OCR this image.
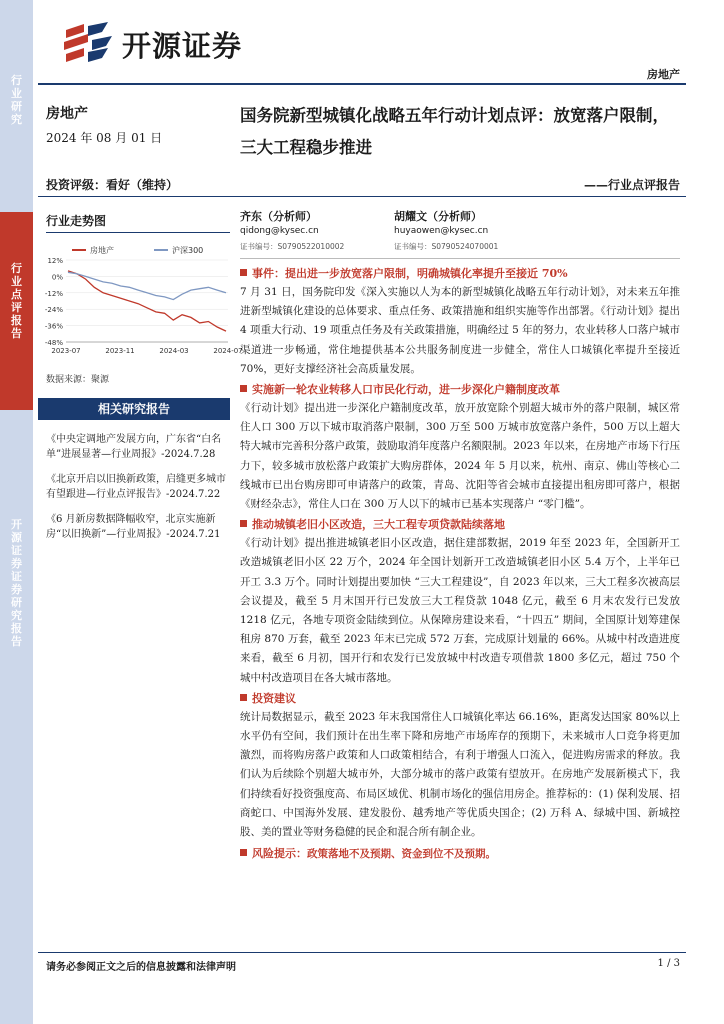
行业研究
行业点评报告
开源证券 证券研究报告
开源证券
房地产
房地产
2024 年 08 月 01 日
投资评级：看好（维持）
国务院新型城镇化战略五年行动计划点评：放宽落户限制，三大工程稳步推进
——行业点评报告
行业走势图
房地产	沪深300
12%
0%
-12%
-24%
-36%
-48%
2023-07	2023-11	2024-03	2024-07
数据来源：聚源
相关研究报告
《中央定调地产发展方向，广东省“白名单”进展显著—行业周报》-2024.7.28
《北京开启以旧换新政策，启缝更多城市有望跟进—行业点评报告》-2024.7.22
《6 月新房数据降幅收窄，北京实施新房“以旧换新”—行业周报》-2024.7.21
齐东（分析师）
qidong@kysec.cn
证书编号：S0790522010002
胡耀文（分析师）
huyaowen@kysec.cn
证书编号：S0790524070001
事件：提出进一步放宽落户限制，明确城镇化率提升至接近 70%
7 月 31 日，国务院印发《深入实施以人为本的新型城镇化战略五年行动计划》，对未来五年推进新型城镇化建设的总体要求、重点任务、政策措施和组织实施等作出部署。《行动计划》提出 4 项重大行动、19 项重点任务及有关政策措施，明确经过 5 年的努力，农业转移人口落户城市渠道进一步畅通，常住地提供基本公共服务制度进一步健全，常住人口城镇化率提升至接近 70%，更好支撑经济社会高质量发展。
实施新一轮农业转移人口市民化行动，进一步深化户籍制度改革
《行动计划》提出进一步深化户籍制度改革，放开放宽除个别超大城市外的落户限制，城区常住人口 300 万以下城市取消落户限制，300 万至 500 万城市放宽落户条件，500 万以上超大特大城市完善积分落户政策，鼓励取消年度落户名额限制。2023 年以来，在房地产市场下行压力下，较多城市放松落户政策扩大购房群体，2024 年 5 月以来，杭州、南京、佛山等核心二线城市已出台购房即可申请落户的政策，青岛、沈阳等省会城市直接提出租房即可落户，根据《财经杂志》，常住人口在 300 万人以下的城市已基本实现落户 “零门槛”。
推动城镇老旧小区改造，三大工程专项贷款陆续落地
《行动计划》提出推进城镇老旧小区改造，据住建部数据，2019 年至 2023 年，全国新开工改造城镇老旧小区 22 万个，2024 年全国计划新开工改造城镇老旧小区 5.4 万个，上半年已开工 3.3 万个。同时计划提出要加快 “三大工程建设”，自 2023 年以来，三大工程多次被高层会议提及，截至 5 月末国开行已发放三大工程贷款 1048 亿元，截至 6 月末农发行已发放 1218 亿元，各地专项资金陆续到位。从保障房建设来看，“十四五” 期间，全国原计划筹建保租房 870 万套，截至 2023 年末已完成 572 万套，完成原计划量的 66%。从城中村改造进度来看，截至 6 月初，国开行和农发行已发放城中村改造专项借款 1800 多亿元，超过 750 个城中村改造项目在各大城市落地。
投资建议
统计局数据显示，截至 2023 年末我国常住人口城镇化率达 66.16%，距离发达国家 80%以上水平仍有空间，我们预计在出生率下降和房地产市场库存的预期下，未来城市人口竞争将更加激烈，而将购房落户政策和人口政策相结合，有利于增强人口流入，促进购房需求的释放。我们认为后续除个别超大城市外，大部分城市的落户政策有望放开。在房地产发展新模式下，我们持续看好投资强度高、布局区域优、机制市场化的强信用房企。推荐标的：(1) 保利发展、招商蛇口、中国海外发展、建发股份、越秀地产等优质央国企；(2) 万科 A、绿城中国、新城控股、美的置业等财务稳健的民企和混合所有制企业。
风险提示：政策落地不及预期、资金到位不及预期。
请务必参阅正文之后的信息披露和法律声明	1 / 3
